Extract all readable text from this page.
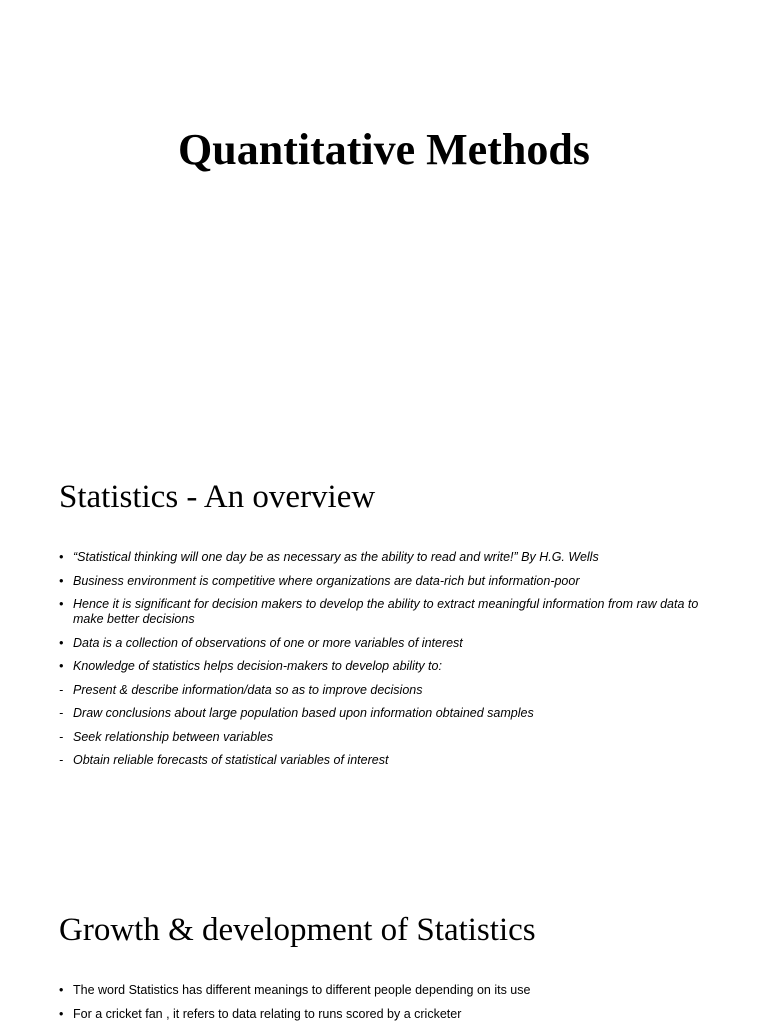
Quantitative Methods
Statistics - An overview
• “Statistical thinking will one day be as necessary as the ability to read and write!” By H.G. Wells
• Business environment is competitive where organizations are data-rich but information-poor
• Hence it is significant for decision makers to develop the ability to extract meaningful information from raw data to make better decisions
• Data is a collection of observations of one or more variables of interest
• Knowledge of statistics helps decision-makers to develop ability to:
- Present & describe information/data so as to improve decisions
- Draw conclusions about large population based upon information obtained samples
- Seek relationship between variables
- Obtain reliable forecasts of statistical variables of interest
Growth & development of Statistics
• The word Statistics has different meanings to different people depending on its use
• For a cricket fan , it refers to data relating to runs scored by a cricketer
